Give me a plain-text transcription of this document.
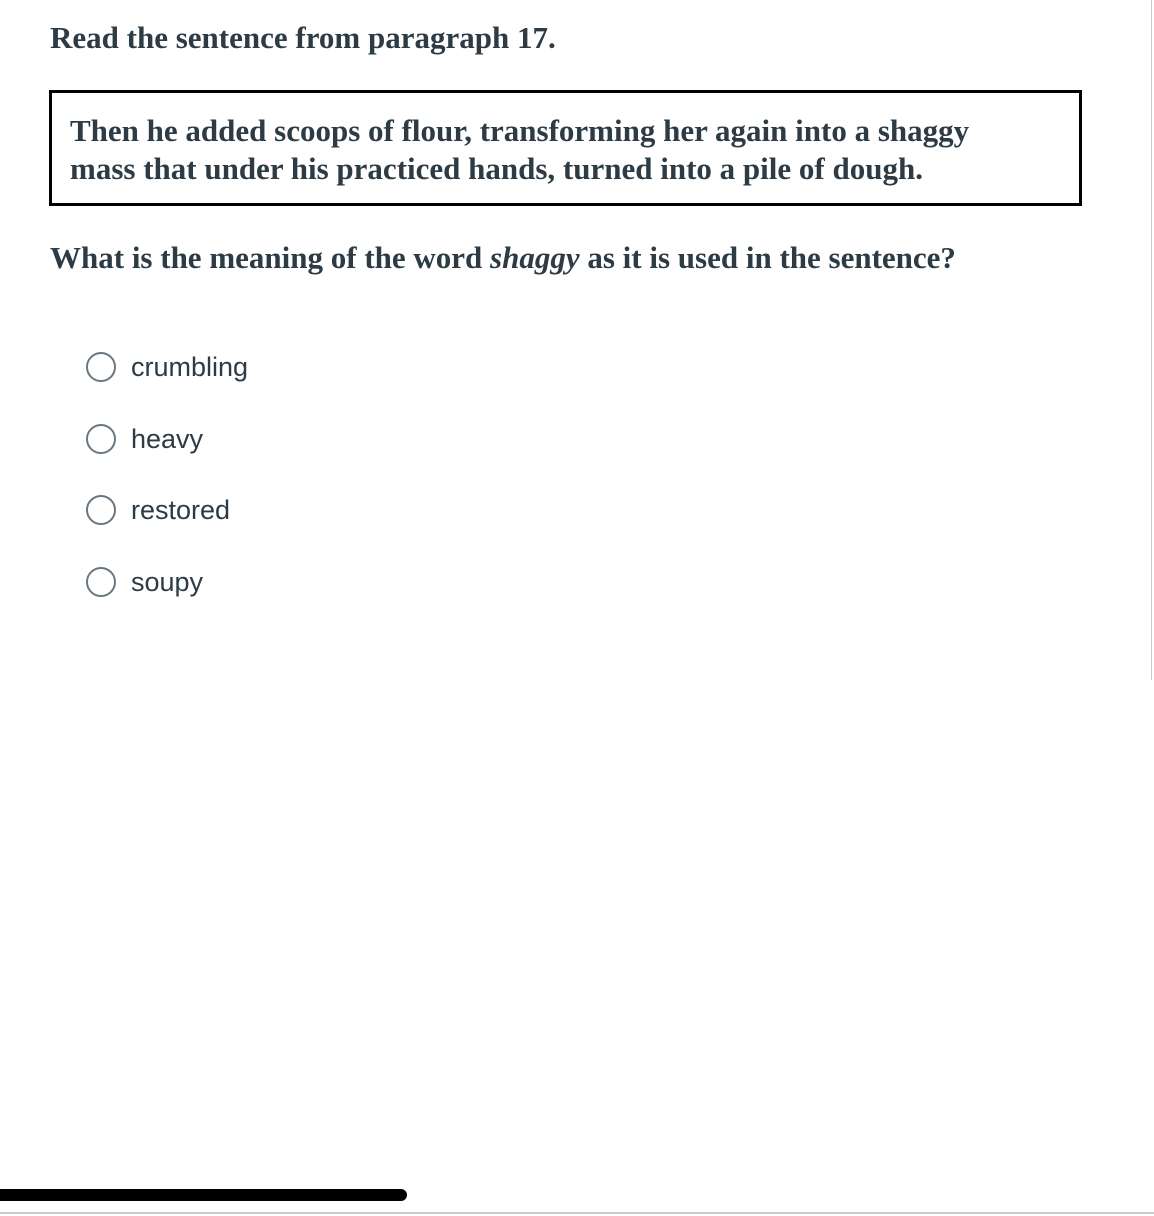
Read the sentence from paragraph 17.

Then he added scoops of flour, transforming her again into a shaggy
mass that under his practiced hands, turned into a pile of dough.

What is the meaning of the word shaggy as it is used in the sentence?

crumbling
heavy
restored
soupy
